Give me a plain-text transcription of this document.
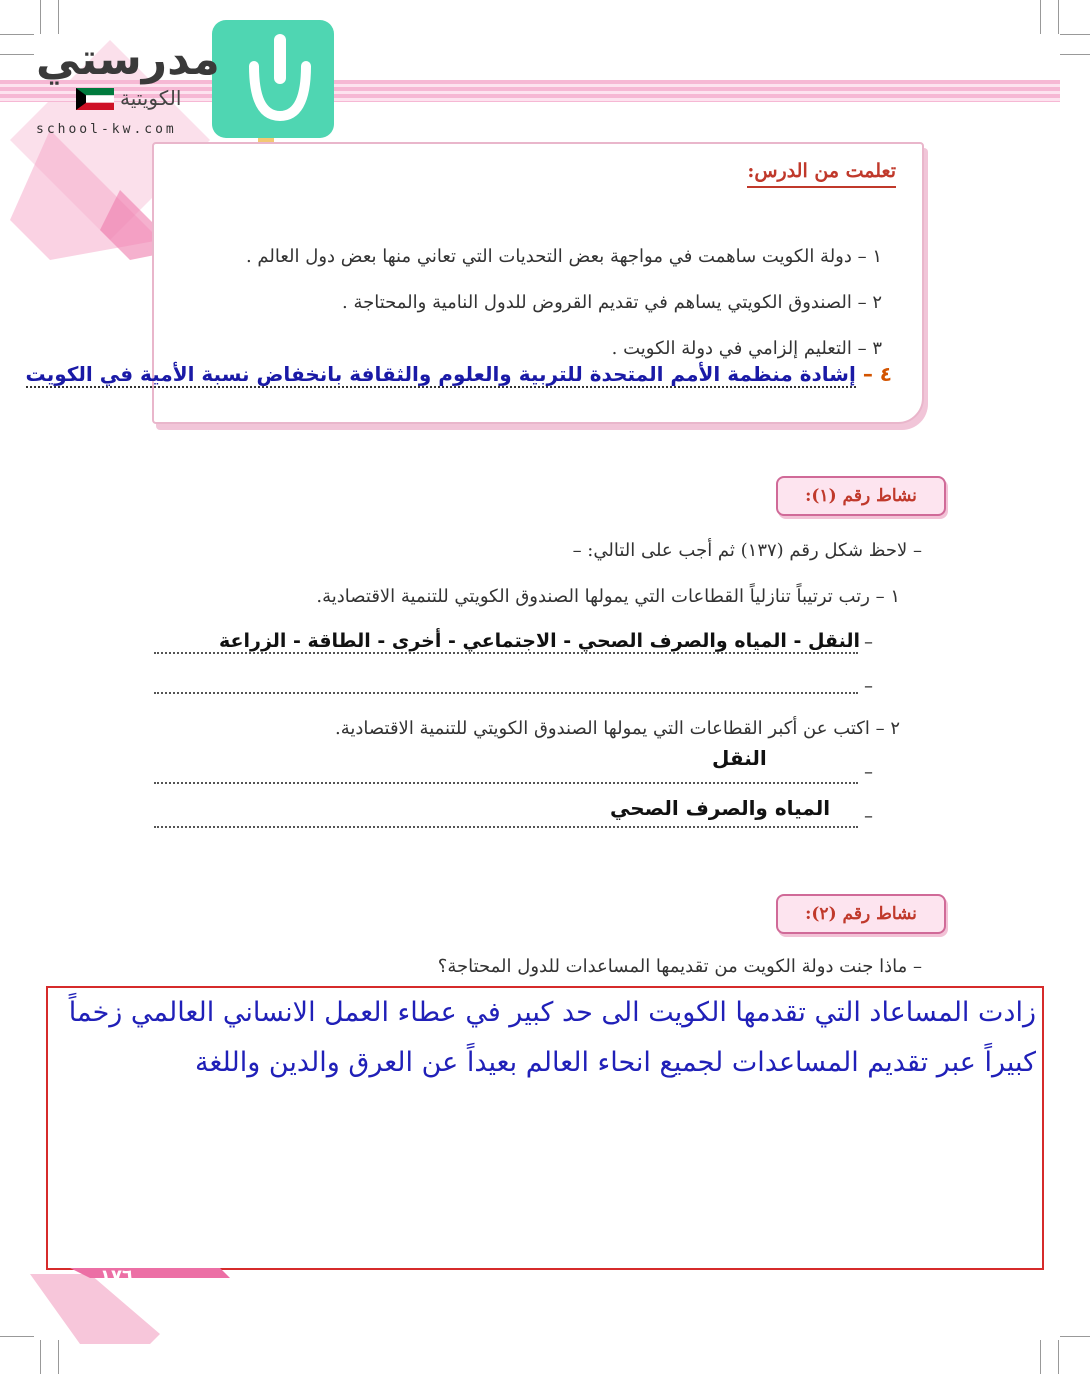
مدرستي
الكويتية
school-kw.com
تعلمت من الدرس:
١ – دولة الكويت ساهمت في مواجهة بعض التحديات التي تعاني منها بعض دول العالم .
٢ – الصندوق الكويتي يساهم في تقديم القروض للدول النامية والمحتاجة .
٣ – التعليم إلزامي في دولة الكويت .
٤ – إشادة منظمة الأمم المتحدة للتربية والعلوم والثقافة بانخفاض نسبة الأمية في الكويت
نشاط رقم (١):
– لاحظ شكل رقم (١٣٧) ثم أجب على التالي: –
١ – رتب ترتيباً تنازلياً القطاعات التي يمولها الصندوق الكويتي للتنمية الاقتصادية.
–
النقل - المياه والصرف الصحي - الاجتماعي - أخرى - الطاقة - الزراعة
–
٢ – اكتب عن أكبر القطاعات التي يمولها الصندوق الكويتي للتنمية الاقتصادية.
النقل
–
المياه والصرف الصحي –
نشاط رقم (٢):
– ماذا جنت دولة الكويت من تقديمها المساعدات للدول المحتاجة؟
زادت المساعاد التي تقدمها الكويت الى حد كبير في عطاء العمل الانساني العالمي زخماً كبيراً عبر تقديم المساعدات لجميع انحاء العالم بعيداً عن العرق والدين واللغة
١٧٦
